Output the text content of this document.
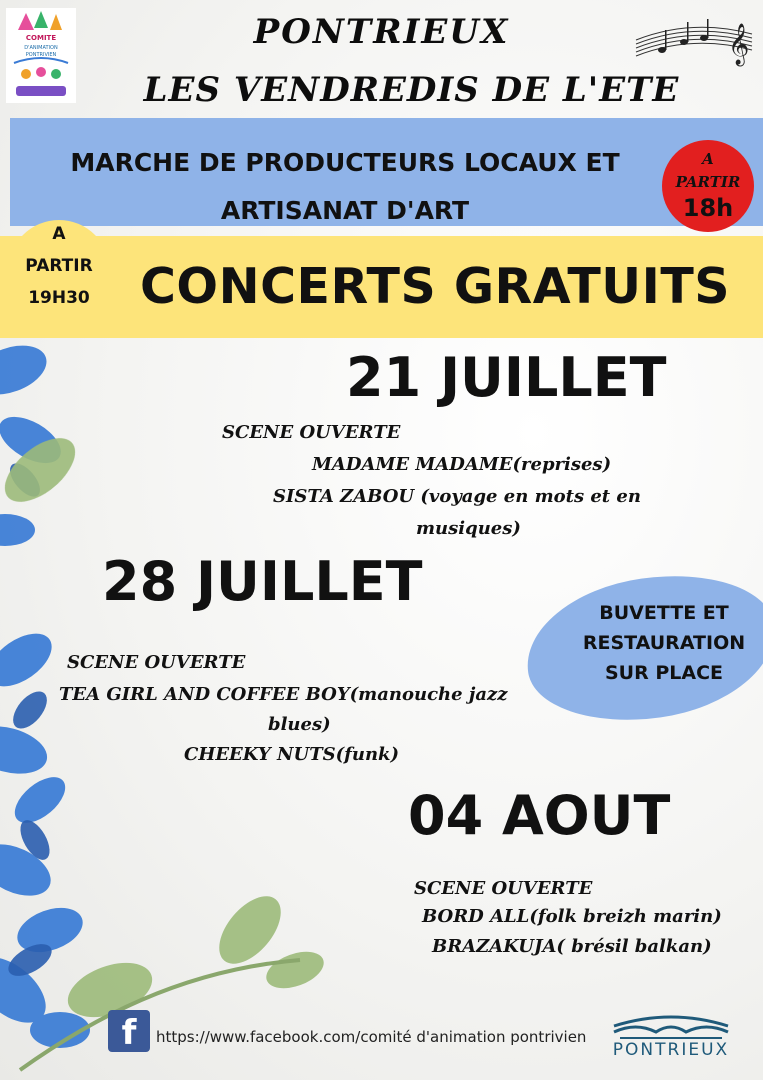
COMITE
D'ANIMATION
PONTRIVIEN
PONTRIEUX
LES VENDREDIS DE L'ETE
𝄞
MARCHE DE PRODUCTEURS LOCAUX ET
ARTISANAT D'ART
A
PARTIR
18h
A
PARTIR
19H30	CONCERTS GRATUITS
21 JUILLET
SCENE OUVERTE
MADAME MADAME(reprises)
SISTA ZABOU (voyage en mots et en
musiques)
28 JUILLET
SCENE OUVERTE
TEA GIRL AND COFFEE BOY(manouche jazz
blues)
CHEEKY NUTS(funk)
BUVETTE ET
RESTAURATION
SUR PLACE
04 AOUT
SCENE OUVERTE
BORD ALL(folk breizh marin)
BRAZAKUJA( brésil balkan)
f	https://www.facebook.com/comité d'animation pontrivien
PONTRIEUX
